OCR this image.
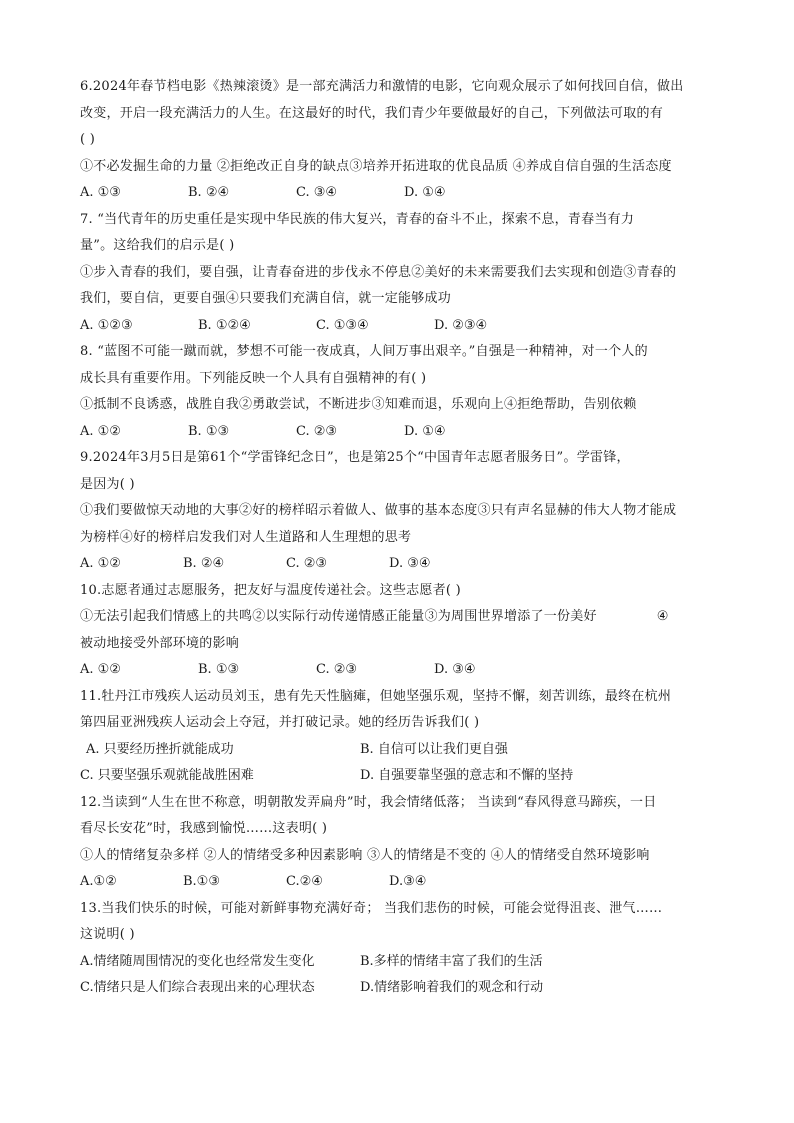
6.2024年春节档电影《热辣滚烫》是一部充满活力和激情的电影，它向观众展示了如何找回自信，做出
改变，开启一段充满活力的人生。在这最好的时代，我们青少年要做最好的自己，下列做法可取的有
( )
①不必发掘生命的力量 ②拒绝改正自身的缺点③培养开拓进取的优良品质 ④养成自信自强的生活态度
A. ①③	B. ②④	C. ③④	D. ①④
7. “当代青年的历史重任是实现中华民族的伟大复兴，青春的奋斗不止，探索不息，青春当有力
量”。这给我们的启示是( )
①步入青春的我们，要自强，让青春奋进的步伐永不停息②美好的未来需要我们去实现和创造③青春的
我们，要自信，更要自强④只要我们充满自信，就一定能够成功
A. ①②③	B. ①②④	C. ①③④	D. ②③④
8. “蓝图不可能一蹴而就，梦想不可能一夜成真，人间万事出艰辛。”自强是一种精神，对一个人的
成长具有重要作用。下列能反映一个人具有自强精神的有( )
①抵制不良诱惑，战胜自我②勇敢尝试，不断进步③知难而退，乐观向上④拒绝帮助，告别依赖
A. ①②	B. ①③	C. ②③	D. ①④
9.2024年3月5日是第61个“学雷锋纪念日”，也是第25个“中国青年志愿者服务日”。学雷锋，
是因为( )
①我们要做惊天动地的大事②好的榜样昭示着做人、做事的基本态度③只有声名显赫的伟大人物才能成
为榜样④好的榜样启发我们对人生道路和人生理想的思考
A. ①②	B. ②④	C. ②③	D. ③④
10.志愿者通过志愿服务，把友好与温度传递社会。这些志愿者( )
①无法引起我们情感上的共鸣②以实际行动传递情感正能量③为周围世界增添了一份美好	④
被动地接受外部环境的影响
A. ①②	B. ①③	C. ②③	D. ③④
11.牡丹江市残疾人运动员刘玉，患有先天性脑瘫，但她坚强乐观，坚持不懈，刻苦训练，最终在杭州
第四届亚洲残疾人运动会上夺冠，并打破记录。她的经历告诉我们( )
A. 只要经历挫折就能成功	B. 自信可以让我们更自强
C. 只要坚强乐观就能战胜困难	D. 自强要靠坚强的意志和不懈的坚持
12.当读到“人生在世不称意，明朝散发弄扁舟”时，我会情绪低落； 当读到“春风得意马蹄疾，一日
看尽长安花”时，我感到愉悦……这表明( )
①人的情绪复杂多样 ②人的情绪受多种因素影响 ③人的情绪是不变的 ④人的情绪受自然环境影响
A.①②	B.①③	C.②④	D.③④
13.当我们快乐的时候，可能对新鲜事物充满好奇； 当我们悲伤的时候，可能会觉得沮丧、泄气……
这说明( )
A.情绪随周围情况的变化也经常发生变化	B.多样的情绪丰富了我们的生活
C.情绪只是人们综合表现出来的心理状态	D.情绪影响着我们的观念和行动
